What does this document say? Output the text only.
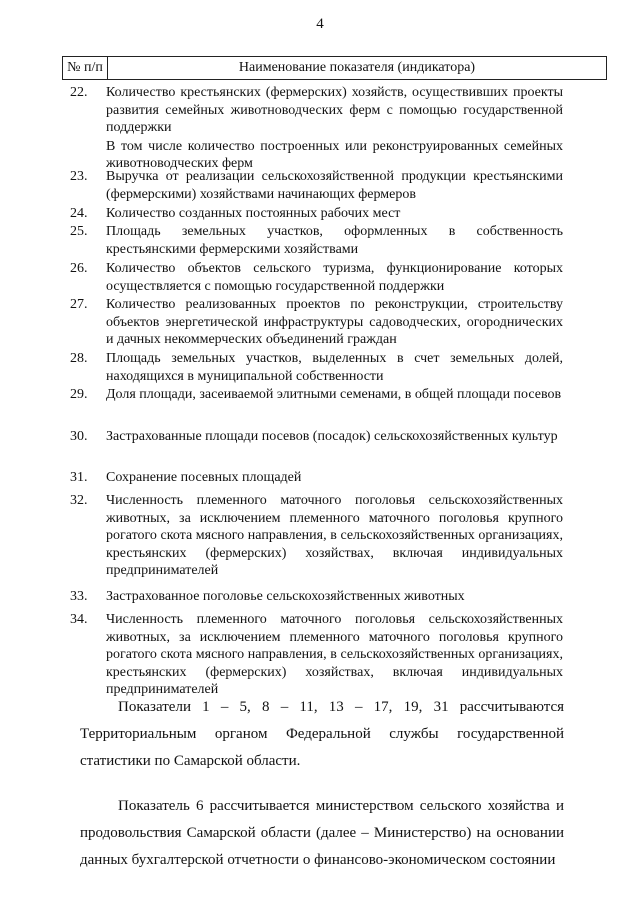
4
№ п/п	Наименование показателя (индикатора)
22.	Количество крестьянских (фермерских) хозяйств, осуществивших проекты развития семейных животноводческих ферм с помощью государственной поддержки
В том числе количество построенных или реконструированных семейных животноводческих ферм
23.	Выручка от реализации сельскохозяйственной продукции крестьянскими (фермерскими) хозяйствами начинающих фермеров
24.	Количество созданных постоянных рабочих мест
25.	Площадь земельных участков, оформленных в собственность крестьянскими фермерскими хозяйствами
26.	Количество объектов сельского туризма, функционирование которых осуществляется с помощью государственной поддержки
27.	Количество реализованных проектов по реконструкции, строительству объектов энергетической инфраструктуры садоводческих, огороднических и дачных некоммерческих объединений граждан
28.	Площадь земельных участков, выделенных в счет земельных долей, находящихся в муниципальной собственности
29.	Доля площади, засеиваемой элитными семенами, в общей площади посевов
30.	Застрахованные площади посевов (посадок) сельскохозяйственных культур
31.	Сохранение посевных площадей
32.	Численность племенного маточного поголовья сельскохозяйственных животных, за исключением племенного маточного поголовья крупного рогатого скота мясного направления, в сельскохозяйственных организациях, крестьянских (фермерских) хозяйствах, включая индивидуальных предпринимателей
33.	Застрахованное поголовье сельскохозяйственных животных
34.	Численность племенного маточного поголовья сельскохозяйственных животных, за исключением племенного маточного поголовья крупного рогатого скота мясного направления, в сельскохозяйственных организациях, крестьянских (фермерских) хозяйствах, включая индивидуальных предпринимателей
Показатели 1 – 5, 8 – 11, 13 – 17, 19, 31 рассчитываются Территориальным органом Федеральной службы государственной статистики по Самарской области.
Показатель 6 рассчитывается министерством сельского хозяйства и продовольствия Самарской области (далее – Министерство) на основании данных бухгалтерской отчетности о финансово-экономическом состоянии
